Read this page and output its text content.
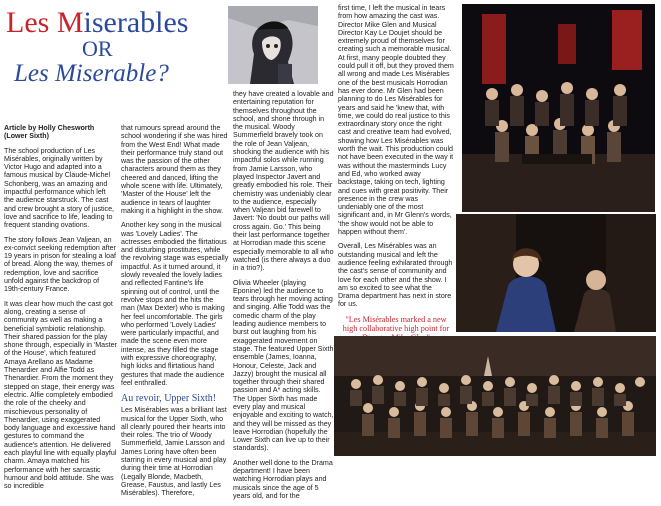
Les Miserables
OR
Les Miserable?
Article by Holly Chesworth
(Lower Sixth)

The school production of Les Misérables, originally written by Victor Hugo and adapted into a famous musical by Claude-Michel Schonberg, was an amazing and impactful performance which left the audience starstruck. The cast and crew brought a story of justice, love and sacrifice to life, leading to frequent standing ovations.

The story follows Jean Valjean, an ex-convict seeking redemption after 19 years in prison for stealing a loaf of bread. Along the way, themes of redemption, love and sacrifice unfold against the backdrop of 19th-century France.

It was clear how much the cast got along, creating a sense of community as well as making a beneficial symbiotic relationship. Their shared passion for the play shone through, especially in 'Master of the House', which featured Amaya Arellano as Madame Thenardier and Alfie Todd as Thenardier. From the moment they stepped on stage, their energy was electric. Alfie completely embodied the role of the cheeky and mischievous personality of Thenardier, using exaggerated body language and excessive hand gestures to command the audience's attention. He delivered each playful line with equally playful charm. Amaya matched his performance with her sarcastic humour and bold attitude. She was so incredible

that rumours spread around the school wondering if she was hired from the West End! What made their performance truly stand out was the passion of the other characters around them as they cheered and danced, lifting the whole scene with life. Ultimately, 'Master of the House' left the audience in tears of laughter making it a highlight in the show.

Another key song in the musical was 'Lovely Ladies'. The actresses embodied the flirtatious and disturbing prostitutes, while the revolving stage was especially impactful. As it turned around, it slowly revealed the lovely ladies and reflected Fantine's life spinning out of control, until the revolve stops and the hits the man (Max Dexter) who is making her feel uncomfortable. The girls who performed 'Lovely Ladies' were particularly impactful, and made the scene even more intense, as they filled the stage with expressive choreography, high kicks and flirtatious hand gestures that made the audience feel enthralled.

Au revoir, Upper Sixth!

Les Misérables was a brilliant last musical for the Upper Sixth, who all clearly poured their hearts into their roles. The trio of Woody Summerfield, Jamie Larsson and James Loring have often been starring in every musical and play during their time at Horrodian (Legally Blonde, Macbeth, Grease, Faustus, and lastly Les Misérables). Therefore,

they have created a lovable and entertaining reputation for themselves throughout the school, and shone through in the musical. Woody Summerfield bravely took on the role of Jean Valjean, shocking the audience with his impactful solos while running from Jamie Larsson, who played Inspector Javert and greatly embodied his role. Their chemistry was undeniably clear to the audience, especially when Valjean bid farewell to Javert: 'No doubt our paths will cross again. Go.' This being their last performance together at Horrodian made this scene especially memorable to all who watched (is there always a duo in a trio?).

Olivia Wheeler (playing Eponine) led the audience to tears through her moving acting and singing. Alfie Todd was the comedic charm of the play leading audience members to burst out laughing from his exaggerated movement on stage. The featured Upper Sixth ensemble (James, Ioanna, Honour, Celeste, Jack and Jazzy) brought the musical all together through their shared passion and A* acting skills. The Upper Sixth has made every play and musical enjoyable and exciting to watch, and they will be missed as they leave Horrodian (hopefully the Lower Sixth can live up to their standards).

Another well done to the Drama department! I have been watching Horrodian plays and musicals since the age of 5 years old, and for the

first time, I left the musical in tears from how amazing the cast was. Director Mike Glen and Musical Director Kay Le Doujet should be extremely proud of themselves for creating such a memorable musical. At first, many people doubted they could pull it off, but they proved them all wrong and made Les Misérables one of the best musicals Horrodian has ever done. Mr Glen had been planning to do Les Misérables for years and said he 'knew that, with time, we could do real justice to this extraordinary story once the right cast and creative team had evolved, showing how Les Misérables was worth the wait. This production could not have been executed in the way it was without the masterminds Lucy and Ed, who worked away backstage, taking on tech, lighting and cues with great positivity. Their presence in the crew was undeniably one of the most significant and, in Mr Glenn's words, 'the show would not be able to happen without them'.

Overall, Les Misérables was an outstanding musical and left the audience feeling exhilarated through the cast's sense of community and love for each other and the show. I am so excited to see what the Drama department has next in store for us.

"Les Misérables marked a new high collaborative high point for
